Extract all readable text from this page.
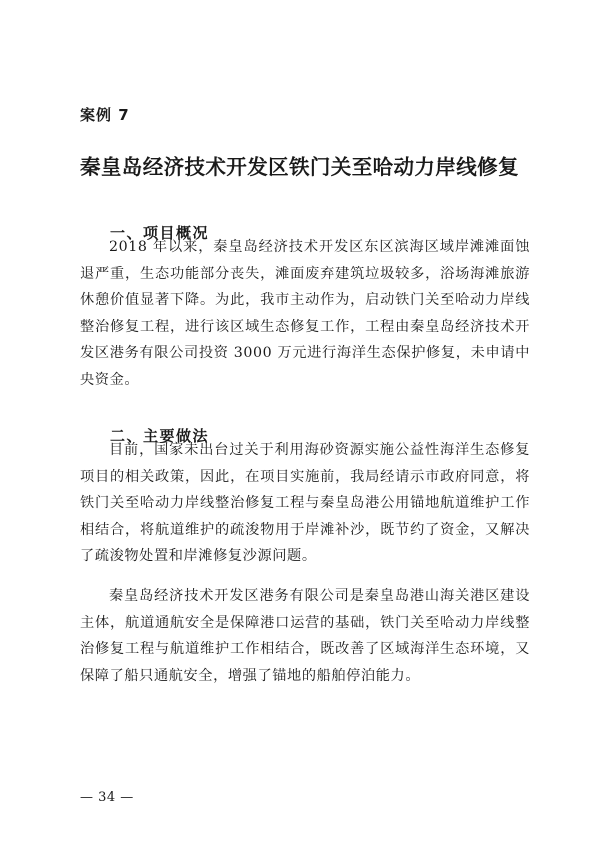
案例 7
秦皇岛经济技术开发区铁门关至哈动力岸线修复
一、项目概况

2018 年以来，秦皇岛经济技术开发区东区滨海区域岸滩滩面蚀退严重，生态功能部分丧失，滩面废弃建筑垃圾较多，浴场海滩旅游休憩价值显著下降。为此，我市主动作为，启动铁门关至哈动力岸线整治修复工程，进行该区域生态修复工作，工程由秦皇岛经济技术开发区港务有限公司投资 3000 万元进行海洋生态保护修复，未申请中央资金。

二、主要做法

目前，国家未出台过关于利用海砂资源实施公益性海洋生态修复项目的相关政策，因此，在项目实施前，我局经请示市政府同意，将铁门关至哈动力岸线整治修复工程与秦皇岛港公用锚地航道维护工作相结合，将航道维护的疏浚物用于岸滩补沙，既节约了资金，又解决了疏浚物处置和岸滩修复沙源问题。

秦皇岛经济技术开发区港务有限公司是秦皇岛港山海关港区建设主体，航道通航安全是保障港口运营的基础，铁门关至哈动力岸线整治修复工程与航道维护工作相结合，既改善了区域海洋生态环境，又保障了船只通航安全，增强了锚地的船舶停泊能力。

— 34 —
